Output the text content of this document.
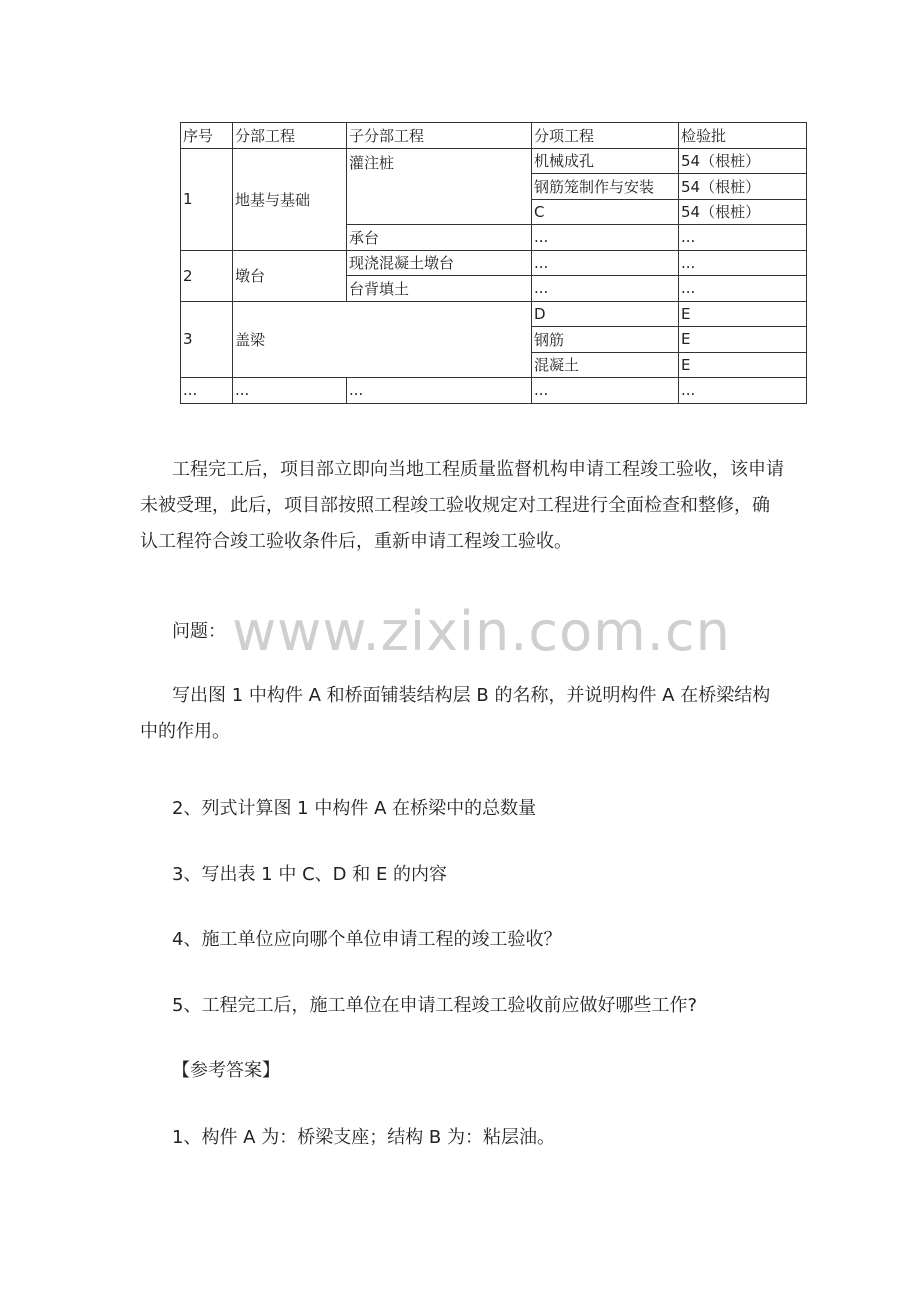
序号	分部工程	子分部工程	分项工程	检验批
1	地基与基础	灌注桩	机械成孔	54（根桩）
			钢筋笼制作与安装	54（根桩）
			C	54（根桩）
		承台	...	...
2	墩台	现浇混凝土墩台	...	...
		台背填土	...	...
3	盖梁		D	E
			钢筋	E
			混凝土	E
...	...	...	...	...

工程完工后，项目部立即向当地工程质量监督机构申请工程竣工验收，该申请未被受理，此后，项目部按照工程竣工验收规定对工程进行全面检查和整修，确认工程符合竣工验收条件后，重新申请工程竣工验收。

www.zixin.com.cn

问题：

写出图 1 中构件 A 和桥面铺装结构层 B 的名称，并说明构件 A 在桥梁结构中的作用。

2、列式计算图 1 中构件 A 在桥梁中的总数量

3、写出表 1 中 C、D 和 E 的内容

4、施工单位应向哪个单位申请工程的竣工验收？

5、工程完工后，施工单位在申请工程竣工验收前应做好哪些工作?

【参考答案】

1、构件 A 为：桥梁支座；结构 B 为：粘层油。
